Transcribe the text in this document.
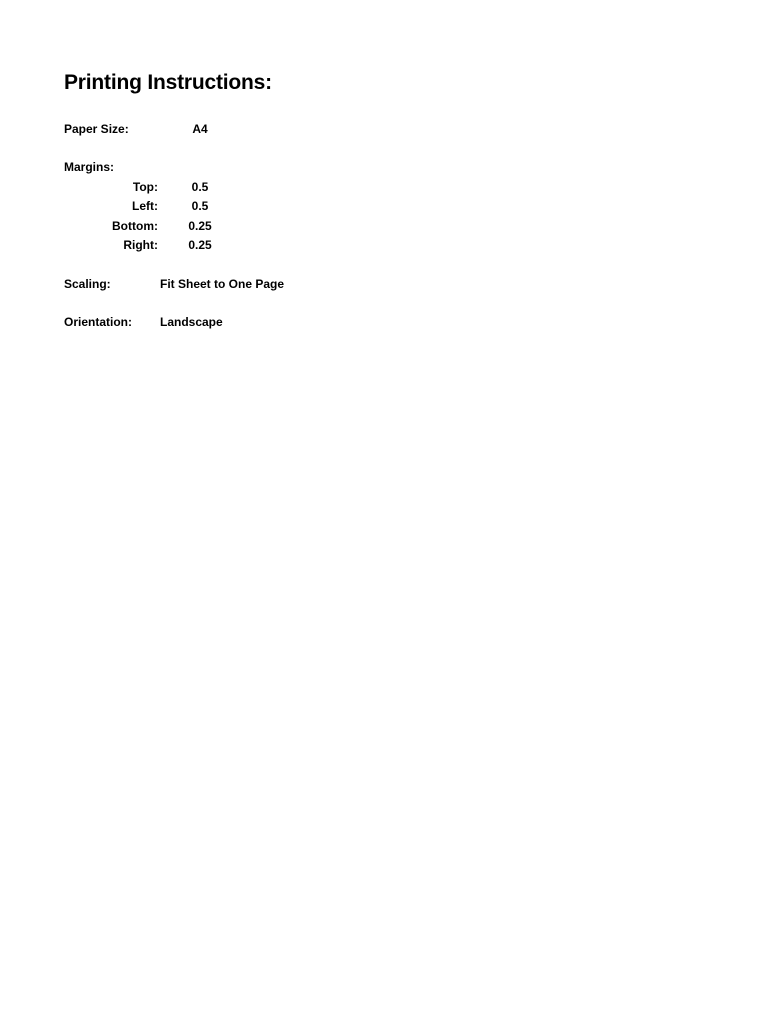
Printing Instructions:
Paper Size:	A4
Margins:
Top:	0.5
Left:	0.5
Bottom:	0.25
Right:	0.25
Scaling:	Fit Sheet to One Page
Orientation: Landscape
